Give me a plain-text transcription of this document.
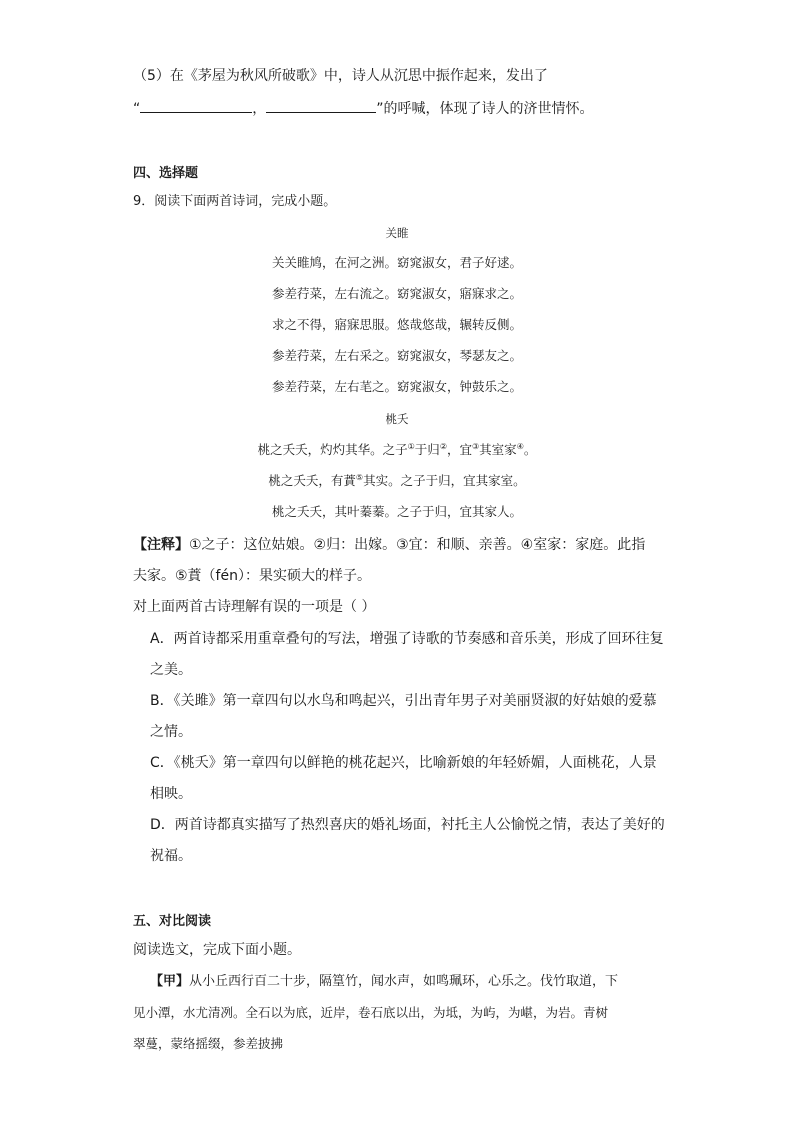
（5）在《茅屋为秋风所破歌》中，诗人从沉思中振作起来，发出了
“	，	”的呼喊，体现了诗人的济世情怀。
四、选择题
9．阅读下面两首诗词，完成小题。
关睢
关关睢鸠，在河之洲。窈窕淑女，君子好逑。
参差荇菜，左右流之。窈窕淑女，寤寐求之。
求之不得，寤寐思服。悠哉悠哉，辗转反侧。
参差荇菜，左右采之。窈窕淑女，琴瑟友之。
参差荇菜，左右芼之。窈窕淑女，钟鼓乐之。
桃夭
桃之夭夭，灼灼其华。之子①于归②，宜③其室家④。
桃之夭夭，有蕡⑤其实。之子于归，宜其家室。
桃之夭夭，其叶蓁蓁。之子于归，宜其家人。
【注释】①之子：这位姑娘。②归：出嫁。③宜：和顺、亲善。④室家：家庭。此指
夫家。⑤蕡（fén）：果实硕大的样子。
对上面两首古诗理解有误的一项是（ ）
A．两首诗都采用重章叠句的写法，增强了诗歌的节奏感和音乐美，形成了回环往复
之美。
B．《关雎》第一章四句以水鸟和鸣起兴，引出青年男子对美丽贤淑的好姑娘的爱慕
之情。
C．《桃夭》第一章四句以鲜艳的桃花起兴，比喻新娘的年轻娇媚，人面桃花，人景
相映。
D．两首诗都真实描写了热烈喜庆的婚礼场面，衬托主人公愉悦之情，表达了美好的
祝福。
五、对比阅读
阅读选文，完成下面小题。
【甲】从小丘西行百二十步，隔篁竹，闻水声，如鸣珮环，心乐之。伐竹取道，下
见小潭，水尤清冽。全石以为底，近岸，卷石底以出，为坻，为屿，为嵁，为岩。青树
翠蔓，蒙络摇缀，参差披拂
